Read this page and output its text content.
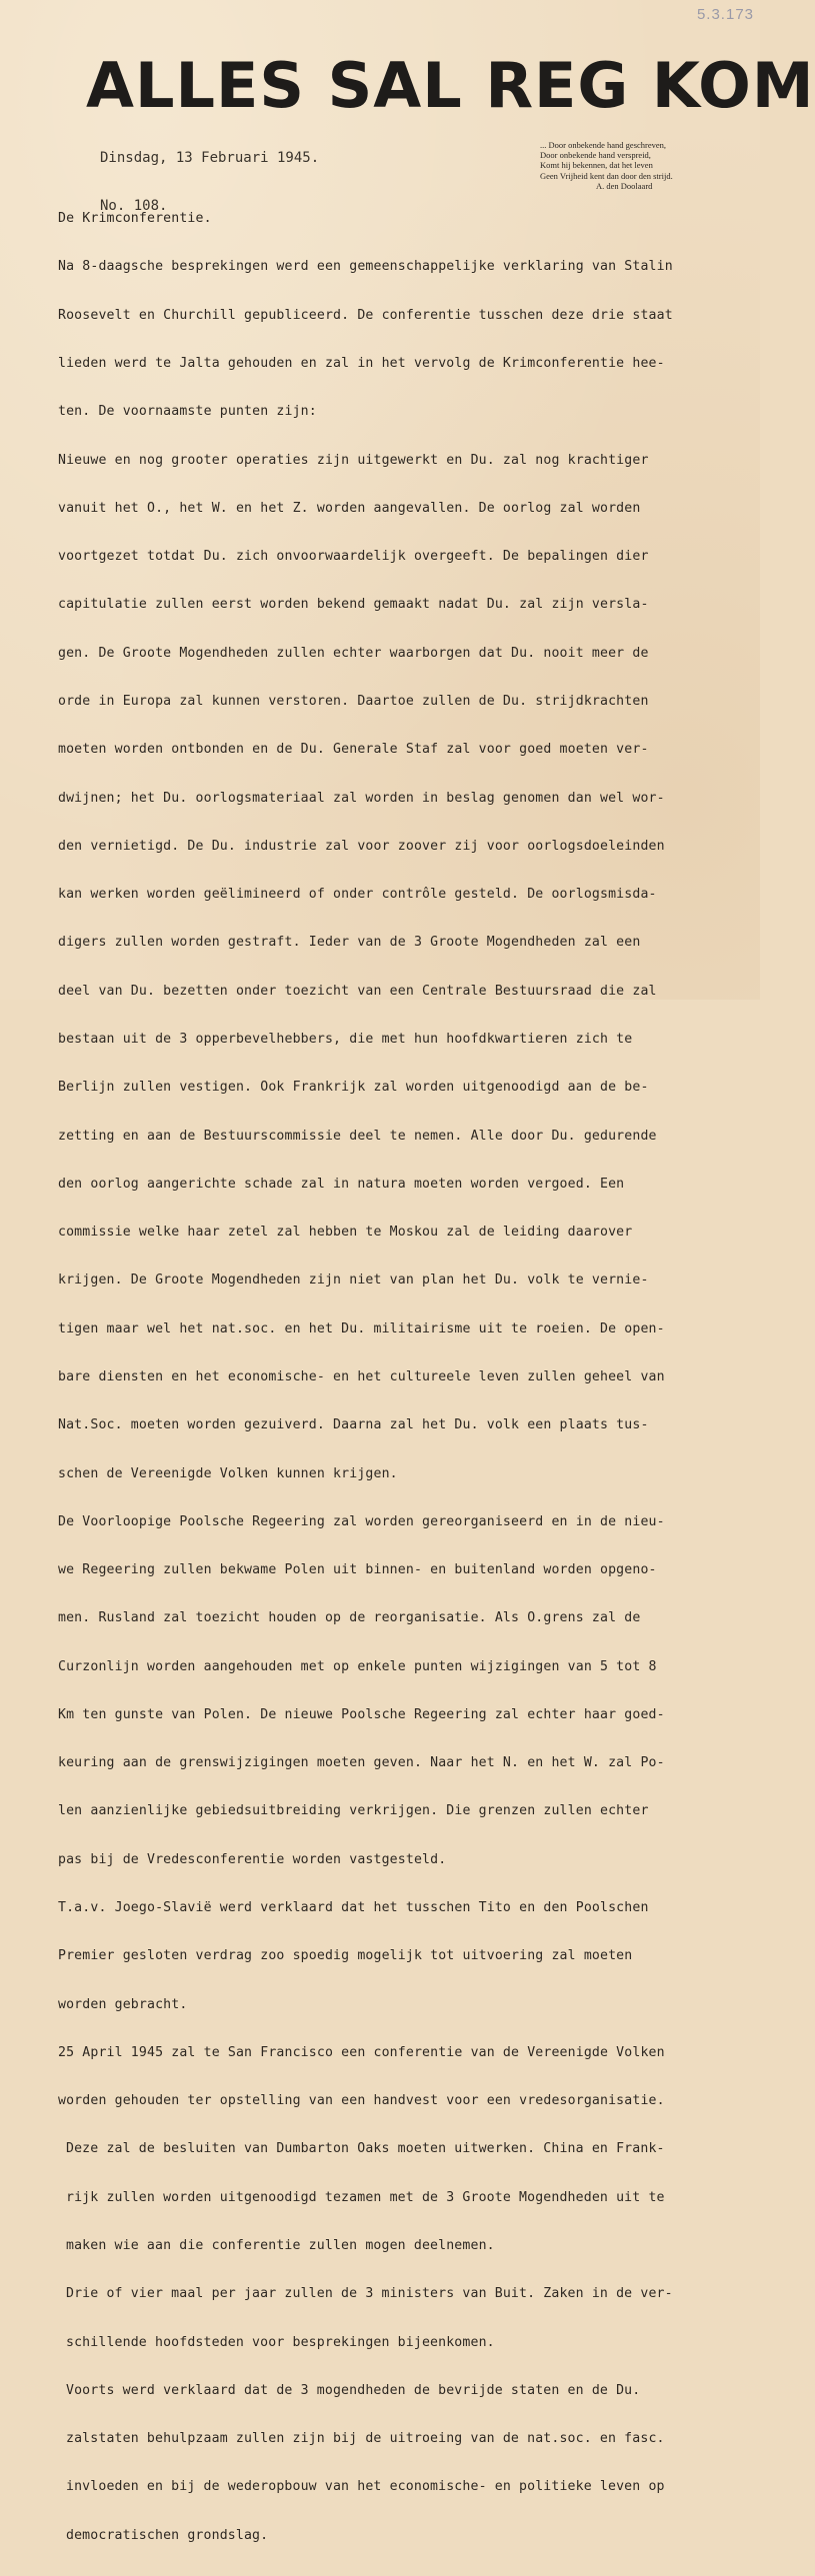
5.3.173
ALLES SAL REG KOM

Dinsdag, 13 Februari 1945.

No. 108.

... Door onbekende hand geschreven,
Door onbekende hand verspreid,
Komt hij bekennen, dat het leven
Geen Vrijheid kent dan door den strijd.
A. den Doolaard

De Krimconferentie.

Na 8-daagsche besprekingen werd een gemeenschappelijke verklaring van Stalin

Roosevelt en Churchill gepubliceerd. De conferentie tusschen deze drie staat

lieden werd te Jalta gehouden en zal in het vervolg de Krimconferentie hee-

ten. De voornaamste punten zijn:

Nieuwe en nog grooter operaties zijn uitgewerkt en Du. zal nog krachtiger

vanuit het O., het W. en het Z. worden aangevallen. De oorlog zal worden

voortgezet totdat Du. zich onvoorwaardelijk overgeeft. De bepalingen dier

capitulatie zullen eerst worden bekend gemaakt nadat Du. zal zijn versla-

gen. De Groote Mogendheden zullen echter waarborgen dat Du. nooit meer de

orde in Europa zal kunnen verstoren. Daartoe zullen de Du. strijdkrachten

moeten worden ontbonden en de Du. Generale Staf zal voor goed moeten ver-

dwijnen; het Du. oorlogsmateriaal zal worden in beslag genomen dan wel wor-

den vernietigd. De Du. industrie zal voor zoover zij voor oorlogsdoeleinden

kan werken worden geëlimineerd of onder contrôle gesteld. De oorlogsmisda-

digers zullen worden gestraft. Ieder van de 3 Groote Mogendheden zal een

deel van Du. bezetten onder toezicht van een Centrale Bestuursraad die zal

bestaan uit de 3 opperbevelhebbers, die met hun hoofdkwartieren zich te

Berlijn zullen vestigen. Ook Frankrijk zal worden uitgenoodigd aan de be-

zetting en aan de Bestuurscommissie deel te nemen. Alle door Du. gedurende

den oorlog aangerichte schade zal in natura moeten worden vergoed. Een

commissie welke haar zetel zal hebben te Moskou zal de leiding daarover

krijgen. De Groote Mogendheden zijn niet van plan het Du. volk te vernie-

tigen maar wel het nat.soc. en het Du. militairisme uit te roeien. De open-

bare diensten en het economische- en het cultureele leven zullen geheel van

Nat.Soc. moeten worden gezuiverd. Daarna zal het Du. volk een plaats tus-

schen de Vereenigde Volken kunnen krijgen.

De Voorloopige Poolsche Regeering zal worden gereorganiseerd en in de nieu-

we Regeering zullen bekwame Polen uit binnen- en buitenland worden opgeno-

men. Rusland zal toezicht houden op de reorganisatie. Als O.grens zal de

Curzonlijn worden aangehouden met op enkele punten wijzigingen van 5 tot 8

Km ten gunste van Polen. De nieuwe Poolsche Regeering zal echter haar goed-

keuring aan de grenswijzigingen moeten geven. Naar het N. en het W. zal Po-

len aanzienlijke gebiedsuitbreiding verkrijgen. Die grenzen zullen echter

pas bij de Vredesconferentie worden vastgesteld.

T.a.v. Joego-Slavië werd verklaard dat het tusschen Tito en den Poolschen

Premier gesloten verdrag zoo spoedig mogelijk tot uitvoering zal moeten

worden gebracht.

25 April 1945 zal te San Francisco een conferentie van de Vereenigde Volken

worden gehouden ter opstelling van een handvest voor een vredesorganisatie.

Deze zal de besluiten van Dumbarton Oaks moeten uitwerken. China en Frank-

rijk zullen worden uitgenoodigd tezamen met de 3 Groote Mogendheden uit te

maken wie aan die conferentie zullen mogen deelnemen.

Drie of vier maal per jaar zullen de 3 ministers van Buit. Zaken in de ver-

schillende hoofdsteden voor besprekingen bijeenkomen.

Voorts werd verklaard dat de 3 mogendheden de bevrijde staten en de Du.

zalstaten behulpzaam zullen zijn bij de uitroeing van de nat.soc. en fasc.

invloeden en bij de wederopbouw van het economische- en politieke leven op

democratischen grondslag.
